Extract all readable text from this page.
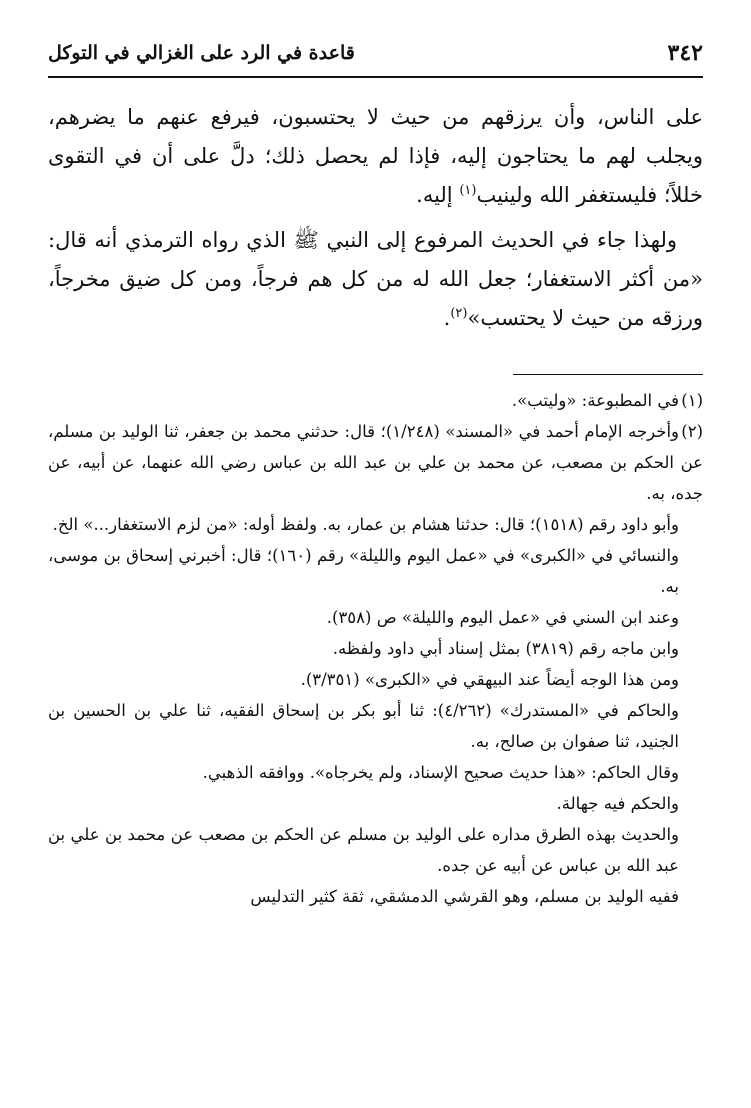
٣٤٢
قاعدة في الرد على الغزالي في التوكل

على الناس، وأن يرزقهم من حيث لا يحتسبون، فيرفع عنهم ما يضرهم، ويجلب لهم ما يحتاجون إليه، فإذا لم يحصل ذلك؛ دلَّ على أن في التقوى خللاً؛ فليستغفر الله ولينيب$^{(١)}$ إليه.

ولهذا جاء في الحديث المرفوع إلى النبي ﷺ الذي رواه الترمذي أنه قال: «من أكثر الاستغفار؛ جعل الله له من كل هم فرجاً، ومن كل ضيق مخرجاً، ورزقه من حيث لا يحتسب»$^{(٢)}$.

(١)في المطبوعة: «وليتب».

(٢)وأخرجه الإمام أحمد في «المسند» (١/٢٤٨)؛ قال: حدثني محمد بن جعفر، ثنا الوليد بن مسلم، عن الحكم بن مصعب، عن محمد بن علي بن عبد الله بن عباس رضي الله عنهما، عن أبيه، عن جده، به.

وأبو داود رقم (١٥١٨)؛ قال: حدثنا هشام بن عمار، به. ولفظ أوله: «من لزم الاستغفار...» الخ.

والنسائي في «الكبرى» في «عمل اليوم والليلة» رقم (١٦٠)؛ قال: أخبرني إسحاق بن موسى، به.

وعند ابن السني في «عمل اليوم والليلة» ص (٣٥٨).

وابن ماجه رقم (٣٨١٩) بمثل إسناد أبي داود ولفظه.

ومن هذا الوجه أيضاً عند البيهقي في «الكبرى» (٣/٣٥١).

والحاكم في «المستدرك» (٤/٢٦٢): ثنا أبو بكر بن إسحاق الفقيه، ثنا علي بن الحسين بن الجنيد، ثنا صفوان بن صالح، به.

وقال الحاكم: «هذا حديث صحيح الإسناد، ولم يخرجاه». ووافقه الذهبي.

والحكم فيه جهالة.

والحديث بهذه الطرق مداره على الوليد بن مسلم عن الحكم بن مصعب عن محمد بن علي بن عبد الله بن عباس عن أبيه عن جده.

ففيه الوليد بن مسلم، وهو القرشي الدمشقي، ثقة كثير التدليس
